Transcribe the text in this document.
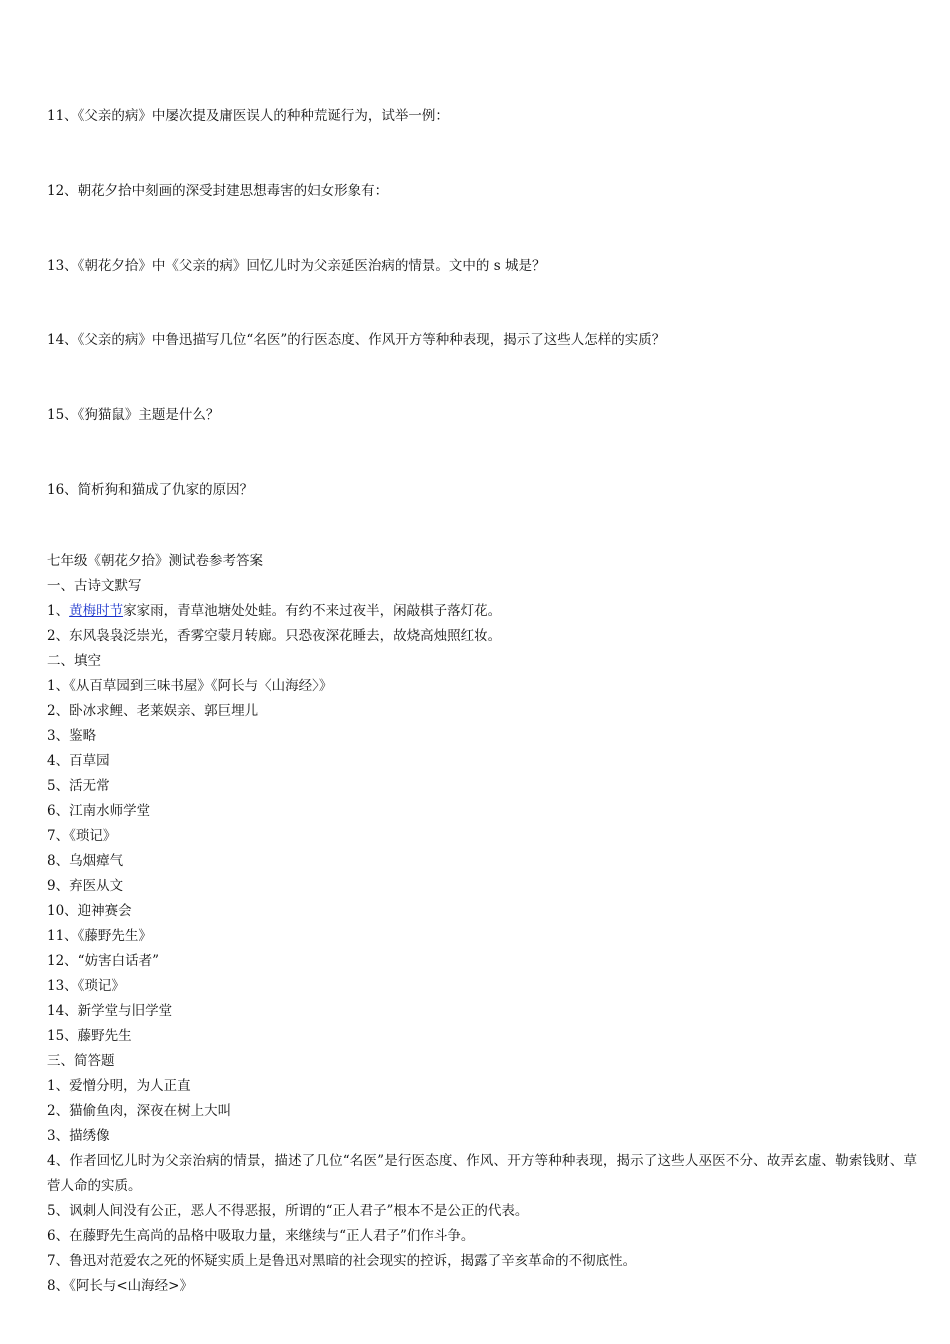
11、《父亲的病》中屡次提及庸医误人的种种荒诞行为，试举一例：
12、朝花夕拾中刻画的深受封建思想毒害的妇女形象有：
13、《朝花夕拾》中《父亲的病》回忆儿时为父亲延医治病的情景。文中的 s 城是？
14、《父亲的病》中鲁迅描写几位“名医”的行医态度、作风开方等种种表现，揭示了这些人怎样的实质？
15、《狗猫鼠》主题是什么？
16、简析狗和猫成了仇家的原因？
七年级《朝花夕拾》测试卷参考答案
一、古诗文默写
1、黄梅时节家家雨，青草池塘处处蛙。有约不来过夜半，闲敲棋子落灯花。
2、东风袅袅泛崇光，香雾空蒙月转廊。只恐夜深花睡去，故烧高烛照红妆。
二、填空
1、《从百草园到三味书屋》《阿长与〈山海经〉》
2、卧冰求鲤、老莱娱亲、郭巨埋儿
3、鉴略
4、百草园
5、活无常
6、江南水师学堂
7、《琐记》
8、乌烟瘴气
9、弃医从文
10、迎神赛会
11、《藤野先生》
12、“妨害白话者”
13、《琐记》
14、新学堂与旧学堂
15、藤野先生
三、简答题
1、爱憎分明，为人正直
2、猫偷鱼肉，深夜在树上大叫
3、描绣像
4、作者回忆儿时为父亲治病的情景，描述了几位“名医”是行医态度、作风、开方等种种表现，揭示了这些人巫医不分、故弄玄虚、勒索钱财、草菅人命的实质。
5、讽刺人间没有公正，恶人不得恶报，所谓的“正人君子”根本不是公正的代表。
6、在藤野先生高尚的品格中吸取力量，来继续与“正人君子”们作斗争。
7、鲁迅对范爱农之死的怀疑实质上是鲁迅对黑暗的社会现实的控诉，揭露了辛亥革命的不彻底性。
8、《阿长与<山海经>》
